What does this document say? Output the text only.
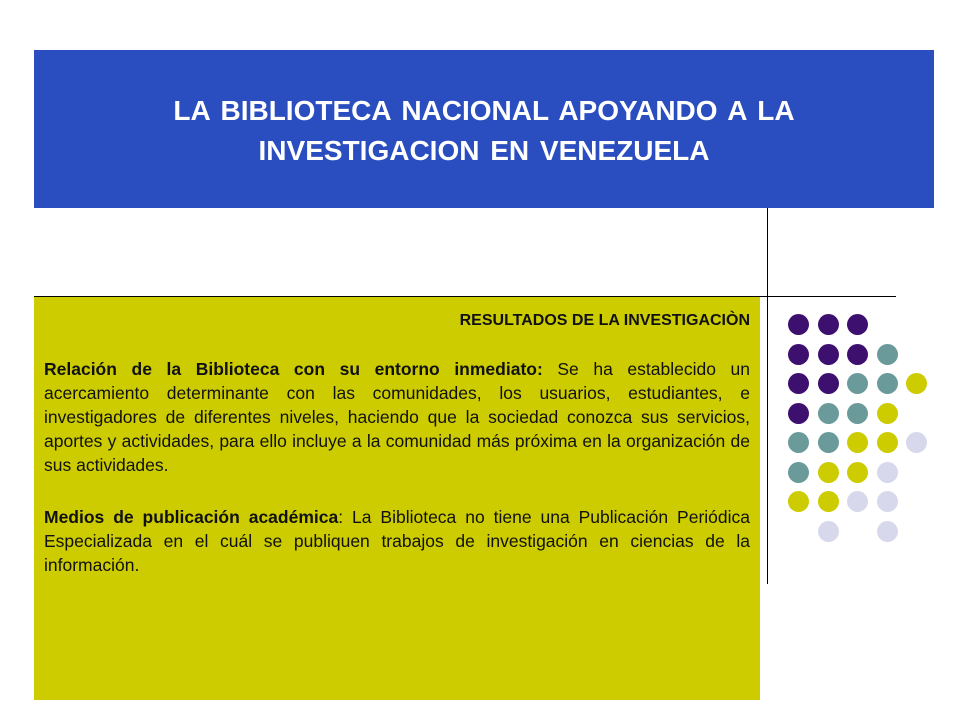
LA BIBLIOTECA NACIONAL APOYANDO A LA INVESTIGACION EN VENEZUELA

RESULTADOS DE LA INVESTIGACIÒN

Relación de la Biblioteca con su entorno inmediato: Se ha establecido un acercamiento determinante con las comunidades, los usuarios, estudiantes, e investigadores de diferentes niveles, haciendo que la sociedad conozca sus servicios, aportes y actividades, para ello incluye a la comunidad más próxima en la organización de sus actividades.

Medios de publicación académica: La Biblioteca no tiene una Publicación Periódica Especializada en el cuál se publiquen trabajos de investigación en ciencias de la información.
